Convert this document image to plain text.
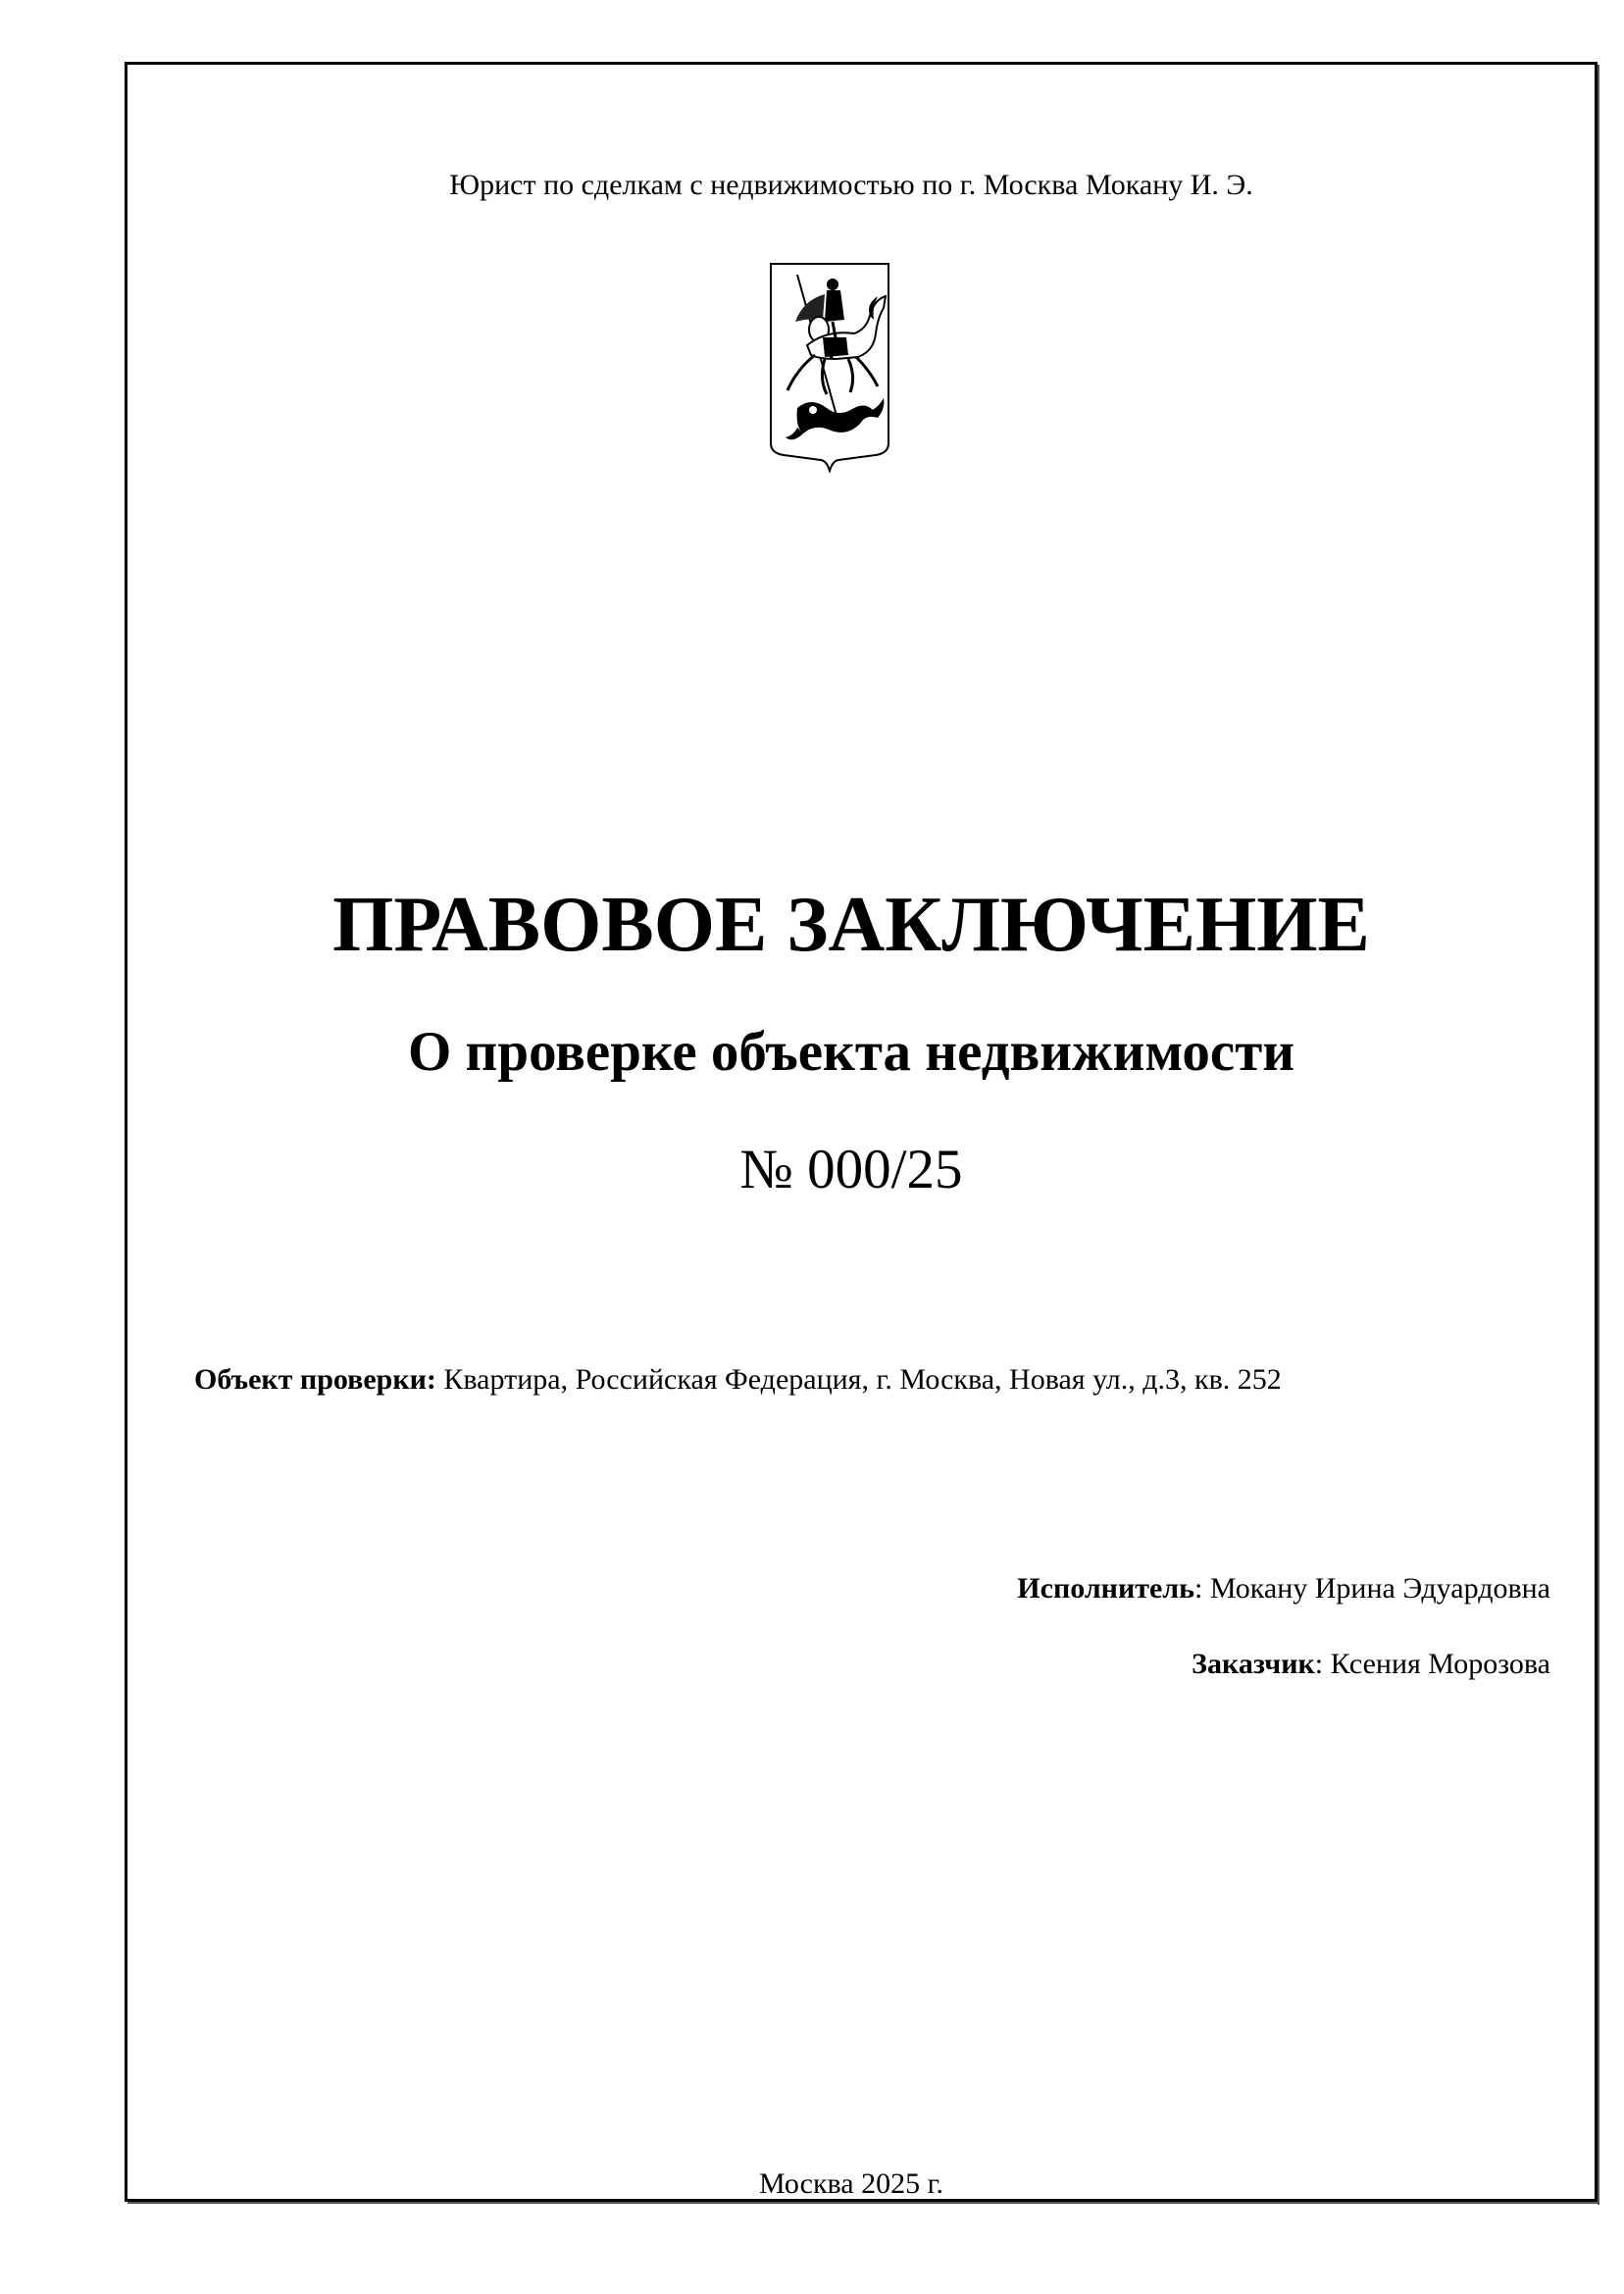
Юрист по сделкам с недвижимостью по г. Москва Мокану И. Э.
ПРАВОВОЕ ЗАКЛЮЧЕНИЕ
О проверке объекта недвижимости
№ 000/25
Объект проверки: Квартира, Российская Федерация, г. Москва, Новая ул., д.3, кв. 252
Исполнитель: Мокану Ирина Эдуардовна
Заказчик: Ксения Морозова
Москва 2025 г.
